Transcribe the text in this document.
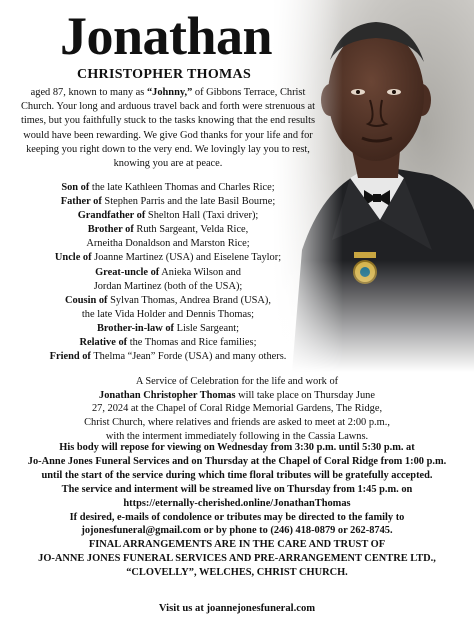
Jonathan
CHRISTOPHER THOMAS

aged 87, known to many as “Johnny,” of Gibbons Terrace, Christ Church. Your long and arduous travel back and forth were strenuous at times, but you faithfully stuck to the tasks knowing that the end results would have been rewarding. We give God thanks for your life and for keeping you right down to the very end. We lovingly lay you to rest, knowing you are at peace.

Son of the late Kathleen Thomas and Charles Rice;
Father of Stephen Parris and the late Basil Bourne;
Grandfather of Shelton Hall (Taxi driver);
Brother of Ruth Sargeant, Velda Rice,
Arneitha Donaldson and Marston Rice;
Uncle of Joanne Martinez (USA) and Eiselene Taylor;
Great-uncle of Anieka Wilson and
Jordan Martinez (both of the USA);
Cousin of Sylvan Thomas, Andrea Brand (USA),
the late Vida Holder and Dennis Thomas;
Brother-in-law of Lisle Sargeant;
Relative of the Thomas and Rice families;
Friend of Thelma “Jean” Forde (USA) and many others.
A Service of Celebration for the life and work of
Jonathan Christopher Thomas will take place on Thursday June
27, 2024 at the Chapel of Coral Ridge Memorial Gardens, The Ridge,
Christ Church, where relatives and friends are asked to meet at 2:00 p.m.,
with the interment immediately following in the Cassia Lawns.
His body will repose for viewing on Wednesday from 3:30 p.m. until 5:30 p.m. at
Jo-Anne Jones Funeral Services and on Thursday at the Chapel of Coral Ridge from 1:00 p.m.
until the start of the service during which time floral tributes will be gratefully accepted.
The service and interment will be streamed live on Thursday from 1:45 p.m. on
https://eternally-cherished.online/JonathanThomas
If desired, e-mails of condolence or tributes may be directed to the family to
jojonesfuneral@gmail.com or by phone to (246) 418-0879 or 262-8745.
FINAL ARRANGEMENTS ARE IN THE CARE AND TRUST OF
JO-ANNE JONES FUNERAL SERVICES AND PRE-ARRANGEMENT CENTRE LTD.,
“CLOVELLY”, WELCHES, CHRIST CHURCH.
Visit us at joannejonesfuneral.com
